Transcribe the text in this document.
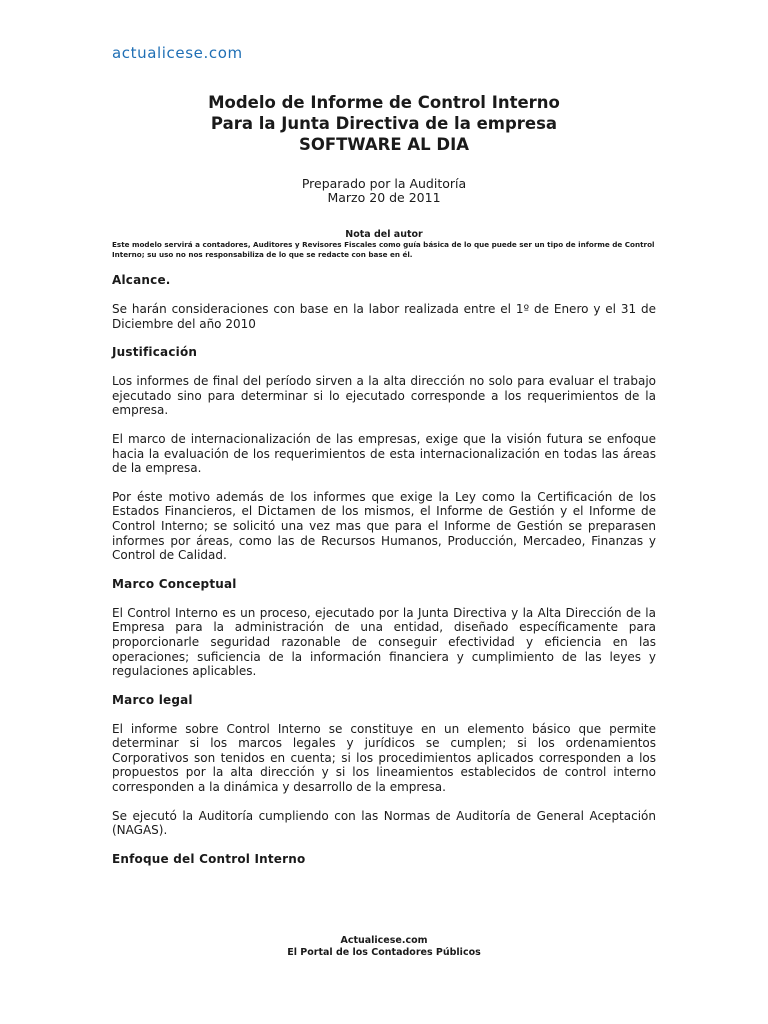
actualicese.com
Modelo de Informe de Control Interno
Para la Junta Directiva de la empresa
SOFTWARE AL DIA
Preparado por la Auditoría
Marzo 20 de 2011
Nota del autor
Este modelo servirá a contadores, Auditores y Revisores Fiscales como guía básica de lo que puede ser un tipo de informe de Control Interno; su uso no nos responsabiliza de lo que se redacte con base en él.
Alcance.

Se harán consideraciones con base en la labor realizada entre el 1º de Enero y el 31 de Diciembre del año 2010

Justificación

Los informes de final del período sirven a la alta dirección no solo para evaluar el trabajo ejecutado sino para determinar si lo ejecutado corresponde a los requerimientos de la empresa.

El marco de internacionalización de las empresas, exige que la visión futura se enfoque hacia la evaluación de los requerimientos de esta internacionalización en todas las áreas de la empresa.

Por éste motivo además de los informes que exige la Ley como la Certificación de los Estados Financieros, el Dictamen de los mismos, el Informe de Gestión y el Informe de Control Interno; se solicitó una vez mas que para el Informe de Gestión se preparasen informes por áreas, como las de Recursos Humanos, Producción, Mercadeo, Finanzas y Control de Calidad.

Marco Conceptual

El Control Interno es un proceso, ejecutado por la Junta Directiva y la Alta Dirección de la Empresa para la administración de una entidad, diseñado específicamente para proporcionarle seguridad razonable de conseguir efectividad y eficiencia en las operaciones; suficiencia de la información financiera y cumplimiento de las leyes y regulaciones aplicables.

Marco legal

El informe sobre Control Interno se constituye en un elemento básico que permite determinar si los marcos legales y jurídicos se cumplen; si los ordenamientos Corporativos son tenidos en cuenta; si los procedimientos aplicados corresponden a los propuestos por la alta dirección y si los lineamientos establecidos de control interno corresponden a la dinámica y desarrollo de la empresa.

Se ejecutó la Auditoría cumpliendo con las Normas de Auditoría de General Aceptación (NAGAS).

Enfoque del Control Interno
Actualicese.com
El Portal de los Contadores Públicos
